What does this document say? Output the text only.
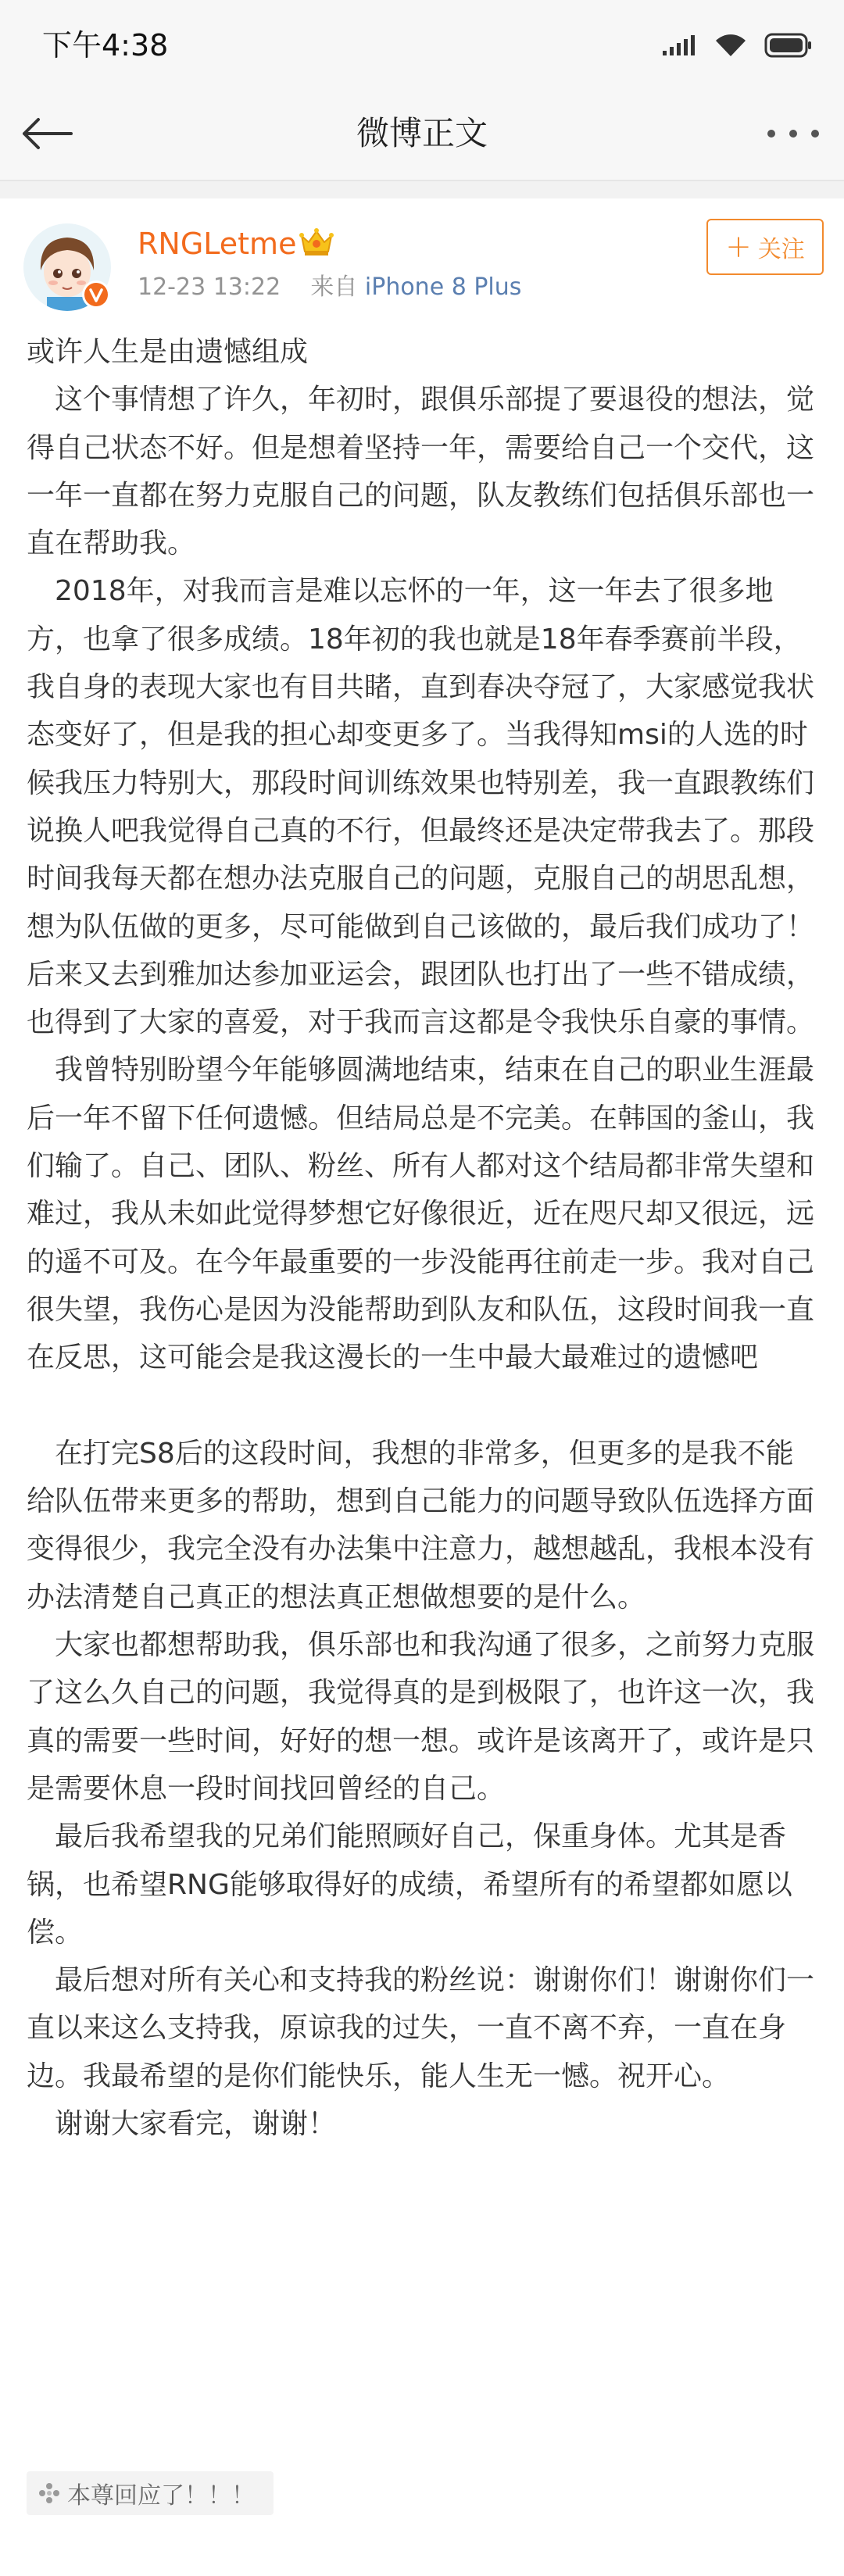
下午4:38
微博正文
RNGLetme
12-23 13:22 来自 iPhone 8 Plus
+ 关注

或许人生是由遗憾组成

这个事情想了许久，年初时，跟俱乐部提了要退役的想法，觉得自己状态不好。但是想着坚持一年，需要给自己一个交代，这一年一直都在努力克服自己的问题，队友教练们包括俱乐部也一直在帮助我。

2018年，对我而言是难以忘怀的一年，这一年去了很多地方，也拿了很多成绩。18年初的我也就是18年春季赛前半段，我自身的表现大家也有目共睹，直到春决夺冠了，大家感觉我状态变好了，但是我的担心却变更多了。当我得知msi的人选的时候我压力特别大，那段时间训练效果也特别差，我一直跟教练们说换人吧我觉得自己真的不行，但最终还是决定带我去了。那段时间我每天都在想办法克服自己的问题，克服自己的胡思乱想，想为队伍做的更多，尽可能做到自己该做的，最后我们成功了！后来又去到雅加达参加亚运会，跟团队也打出了一些不错成绩，也得到了大家的喜爱，对于我而言这都是令我快乐自豪的事情。

我曾特别盼望今年能够圆满地结束，结束在自己的职业生涯最后一年不留下任何遗憾。但结局总是不完美。在韩国的釜山，我们输了。自己、团队、粉丝、所有人都对这个结局都非常失望和难过，我从未如此觉得梦想它好像很近，近在咫尺却又很远，远的遥不可及。在今年最重要的一步没能再往前走一步。我对自己很失望，我伤心是因为没能帮助到队友和队伍，这段时间我一直在反思，这可能会是我这漫长的一生中最大最难过的遗憾吧

在打完S8后的这段时间，我想的非常多，但更多的是我不能给队伍带来更多的帮助，想到自己能力的问题导致队伍选择方面变得很少，我完全没有办法集中注意力，越想越乱，我根本没有办法清楚自己真正的想法真正想做想要的是什么。

大家也都想帮助我，俱乐部也和我沟通了很多，之前努力克服了这么久自己的问题，我觉得真的是到极限了，也许这一次，我真的需要一些时间，好好的想一想。或许是该离开了，或许是只是需要休息一段时间找回曾经的自己。

最后我希望我的兄弟们能照顾好自己，保重身体。尤其是香锅，也希望RNG能够取得好的成绩，希望所有的希望都如愿以偿。

最后想对所有关心和支持我的粉丝说：谢谢你们！谢谢你们一直以来这么支持我，原谅我的过失，一直不离不弃，一直在身边。我最希望的是你们能快乐，能人生无一憾。祝开心。

谢谢大家看完，谢谢！

本尊回应了！！！
